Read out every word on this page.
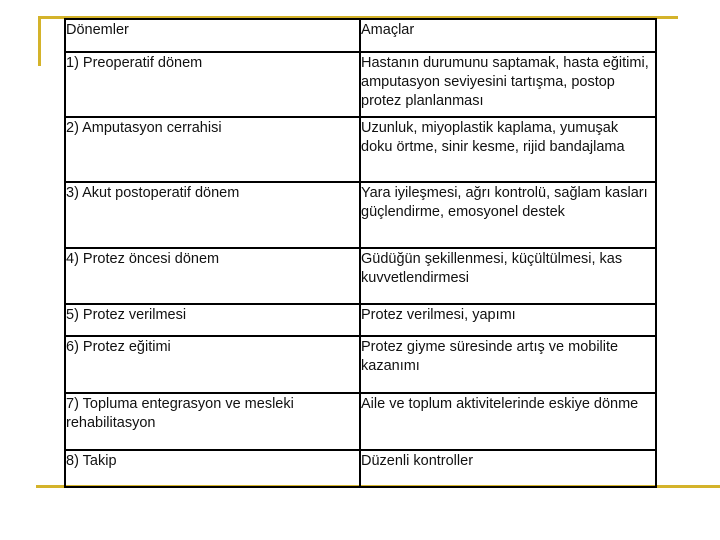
Dönemler	Amaçlar
1) Preoperatif dönem	Hastanın durumunu saptamak, hasta eğitimi, amputasyon seviyesini tartışma, postop protez planlanması
2) Amputasyon cerrahisi	Uzunluk, miyoplastik kaplama, yumuşak doku örtme, sinir kesme, rijid bandajlama
3) Akut postoperatif dönem	Yara iyileşmesi, ağrı kontrolü, sağlam kasları güçlendirme, emosyonel destek
4) Protez öncesi dönem	Güdüğün şekillenmesi, küçültülmesi, kas kuvvetlendirmesi
5) Protez verilmesi	Protez verilmesi, yapımı
6) Protez eğitimi	Protez giyme süresinde artış ve mobilite kazanımı
7) Topluma entegrasyon ve mesleki rehabilitasyon	Aile ve toplum aktivitelerinde eskiye dönme
8) Takip	Düzenli kontroller
